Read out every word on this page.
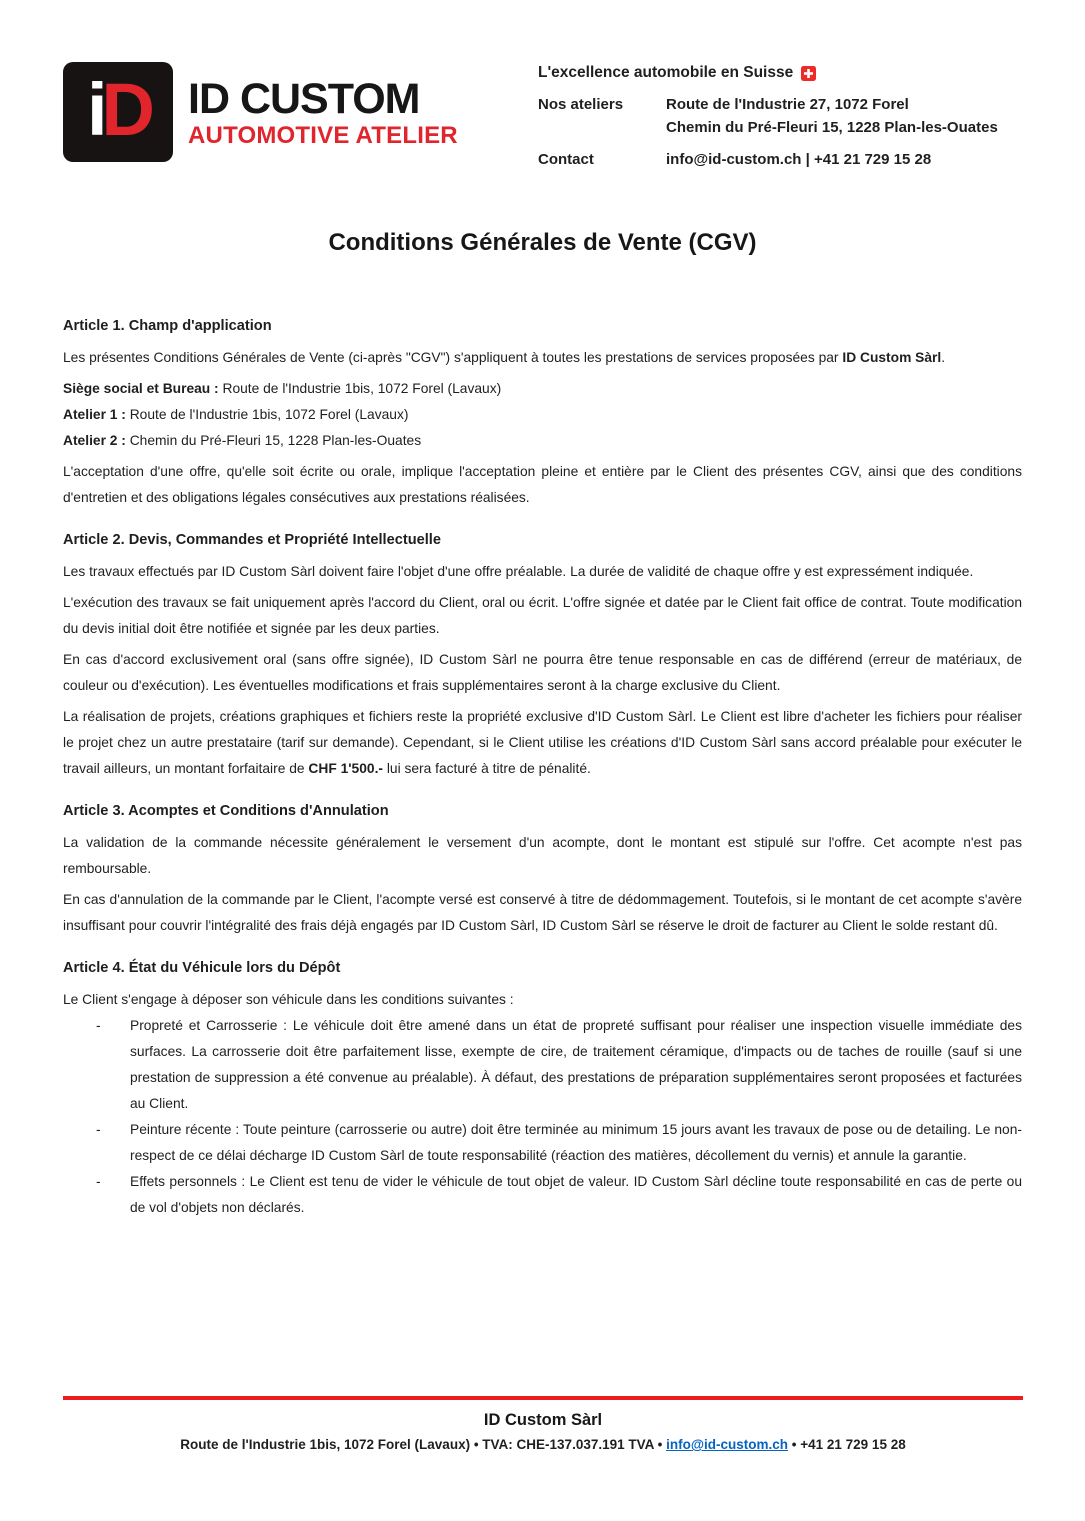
i D ID CUSTOM
AUTOMOTIVE ATELIER
L'excellence automobile en Suisse
Nos ateliers	Route de l'Industrie 27, 1072 Forel
Chemin du Pré-Fleuri 15, 1228 Plan-les-Ouates
Contact	info@id-custom.ch | +41 21 729 15 28
Conditions Générales de Vente (CGV)
Article 1. Champ d'application

Les présentes Conditions Générales de Vente (ci-après "CGV") s'appliquent à toutes les prestations de services proposées par ID Custom Sàrl.

Siège social et Bureau : Route de l'Industrie 1bis, 1072 Forel (Lavaux)
Atelier 1 : Route de l'Industrie 1bis, 1072 Forel (Lavaux)
Atelier 2 : Chemin du Pré-Fleuri 15, 1228 Plan-les-Ouates

L'acceptation d'une offre, qu'elle soit écrite ou orale, implique l'acceptation pleine et entière par le Client des présentes CGV, ainsi que des conditions d'entretien et des obligations légales consécutives aux prestations réalisées.

Article 2. Devis, Commandes et Propriété Intellectuelle

Les travaux effectués par ID Custom Sàrl doivent faire l'objet d'une offre préalable. La durée de validité de chaque offre y est expressément indiquée.

L'exécution des travaux se fait uniquement après l'accord du Client, oral ou écrit. L'offre signée et datée par le Client fait office de contrat. Toute modification du devis initial doit être notifiée et signée par les deux parties.

En cas d'accord exclusivement oral (sans offre signée), ID Custom Sàrl ne pourra être tenue responsable en cas de différend (erreur de matériaux, de couleur ou d'exécution). Les éventuelles modifications et frais supplémentaires seront à la charge exclusive du Client.

La réalisation de projets, créations graphiques et fichiers reste la propriété exclusive d'ID Custom Sàrl. Le Client est libre d'acheter les fichiers pour réaliser le projet chez un autre prestataire (tarif sur demande). Cependant, si le Client utilise les créations d'ID Custom Sàrl sans accord préalable pour exécuter le travail ailleurs, un montant forfaitaire de CHF 1'500.- lui sera facturé à titre de pénalité.

Article 3. Acomptes et Conditions d'Annulation

La validation de la commande nécessite généralement le versement d'un acompte, dont le montant est stipulé sur l'offre. Cet acompte n'est pas remboursable.

En cas d'annulation de la commande par le Client, l'acompte versé est conservé à titre de dédommagement. Toutefois, si le montant de cet acompte s'avère insuffisant pour couvrir l'intégralité des frais déjà engagés par ID Custom Sàrl, ID Custom Sàrl se réserve le droit de facturer au Client le solde restant dû.

Article 4. État du Véhicule lors du Dépôt

Le Client s'engage à déposer son véhicule dans les conditions suivantes :

- Propreté et Carrosserie : Le véhicule doit être amené dans un état de propreté suffisant pour réaliser une inspection visuelle immédiate des surfaces. La carrosserie doit être parfaitement lisse, exempte de cire, de traitement céramique, d'impacts ou de taches de rouille (sauf si une prestation de suppression a été convenue au préalable). À défaut, des prestations de préparation supplémentaires seront proposées et facturées au Client.
- Peinture récente : Toute peinture (carrosserie ou autre) doit être terminée au minimum 15 jours avant les travaux de pose ou de detailing. Le non-respect de ce délai décharge ID Custom Sàrl de toute responsabilité (réaction des matières, décollement du vernis) et annule la garantie.
- Effets personnels : Le Client est tenu de vider le véhicule de tout objet de valeur. ID Custom Sàrl décline toute responsabilité en cas de perte ou de vol d'objets non déclarés.
ID Custom Sàrl
Route de l'Industrie 1bis, 1072 Forel (Lavaux) • TVA: CHE-137.037.191 TVA • info@id-custom.ch • +41 21 729 15 28
